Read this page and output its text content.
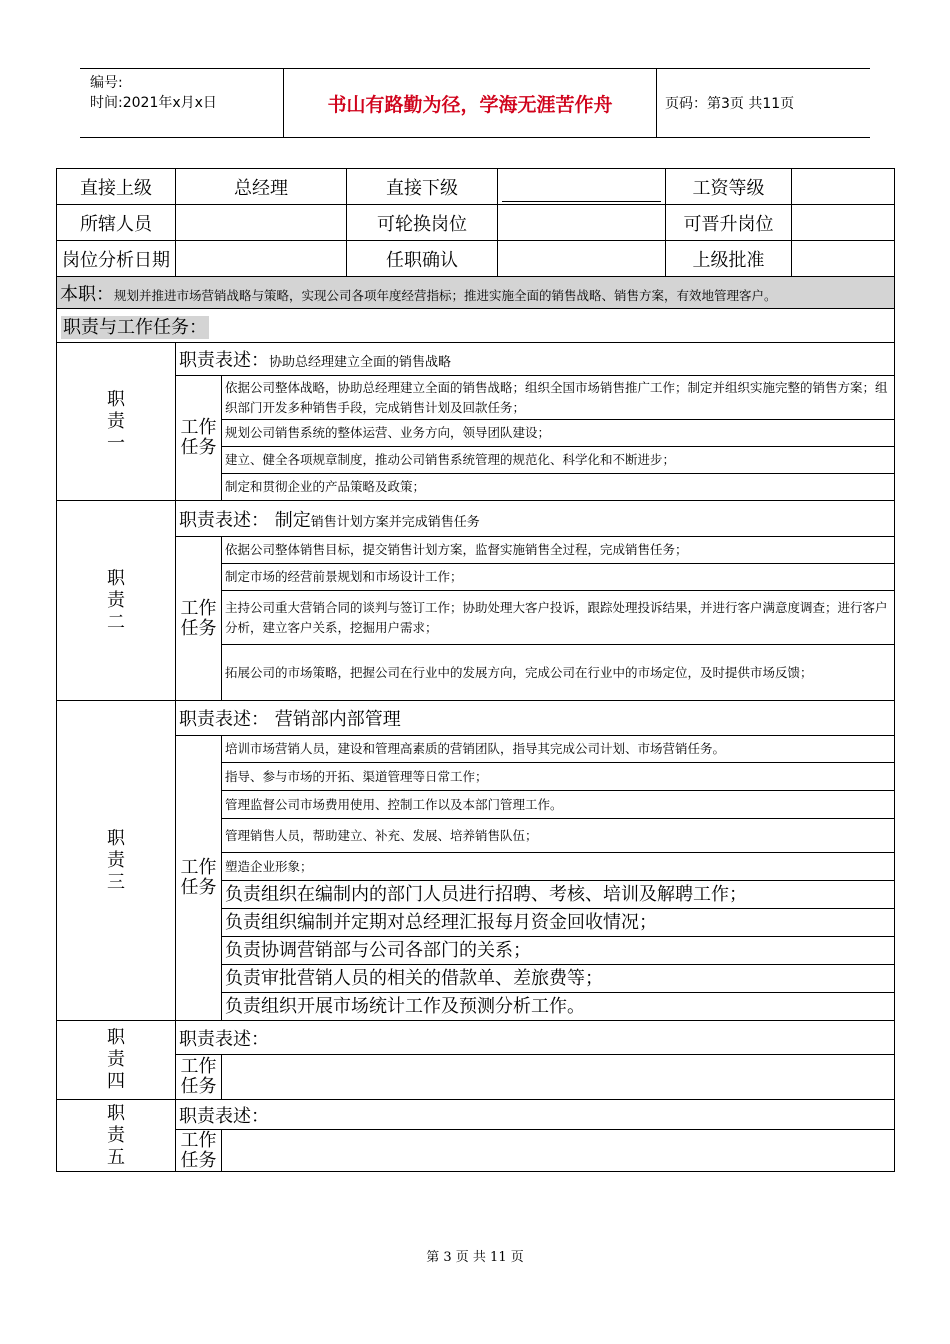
编号:
时间:2021年x月x日	书山有路勤为径，学海无涯苦作舟	页码：第3页 共11页
直接上级	总经理		直接下级		工资等级	
所辖人员			可轮换岗位		可晋升岗位	
岗位分析日期			任职确认		上级批准	
本职：规划并推进市场营销战略与策略，实现公司各项年度经营指标；推进实施全面的销售战略、销售方案，有效地管理客户。						
职责与工作任务：						

职责一	职责表述：协助总经理建立全面的销售战略					

	工作任务	依据公司整体战略，协助总经理建立全面的销售战略；组织全国市场销售推广工作；制定并组织实施完整的销售方案；组织部门开发多种销售手段，完成销售计划及回款任务；				
		规划公司销售系统的整体运营、业务方向，领导团队建设；				
		建立、健全各项规章制度，推动公司销售系统管理的规范化、科学化和不断进步；				
		制定和贯彻企业的产品策略及政策；				

职责二	职责表述： 制定销售计划方案并完成销售任务					

	工作任务	依据公司整体销售目标，提交销售计划方案，监督实施销售全过程，完成销售任务；				
		制定市场的经营前景规划和市场设计工作；				
		主持公司重大营销合同的谈判与签订工作；协助处理大客户投诉，跟踪处理投诉结果，并进行客户满意度调查；进行客户分析，建立客户关系，挖掘用户需求；				
		拓展公司的市场策略，把握公司在行业中的发展方向，完成公司在行业中的市场定位，及时提供市场反馈；				

职责三	职责表述： 营销部内部管理					

	工作任务	培训市场营销人员，建设和管理高素质的营销团队，指导其完成公司计划、市场营销任务。				
		指导、参与市场的开拓、渠道管理等日常工作；				
		管理监督公司市场费用使用、控制工作以及本部门管理工作。				
		管理销售人员，帮助建立、补充、发展、培养销售队伍；				
		塑造企业形象；				
		负责组织在编制内的部门人员进行招聘、考核、培训及解聘工作；				
		负责组织编制并定期对总经理汇报每月资金回收情况；				
		负责协调营销部与公司各部门的关系；				
		负责审批营销人员的相关的借款单、差旅费等；				
		负责组织开展市场统计工作及预测分析工作。				

职责四	职责表述：					

	工作任务					

职责五	职责表述：					

	工作任务					

第 3 页 共 11 页
